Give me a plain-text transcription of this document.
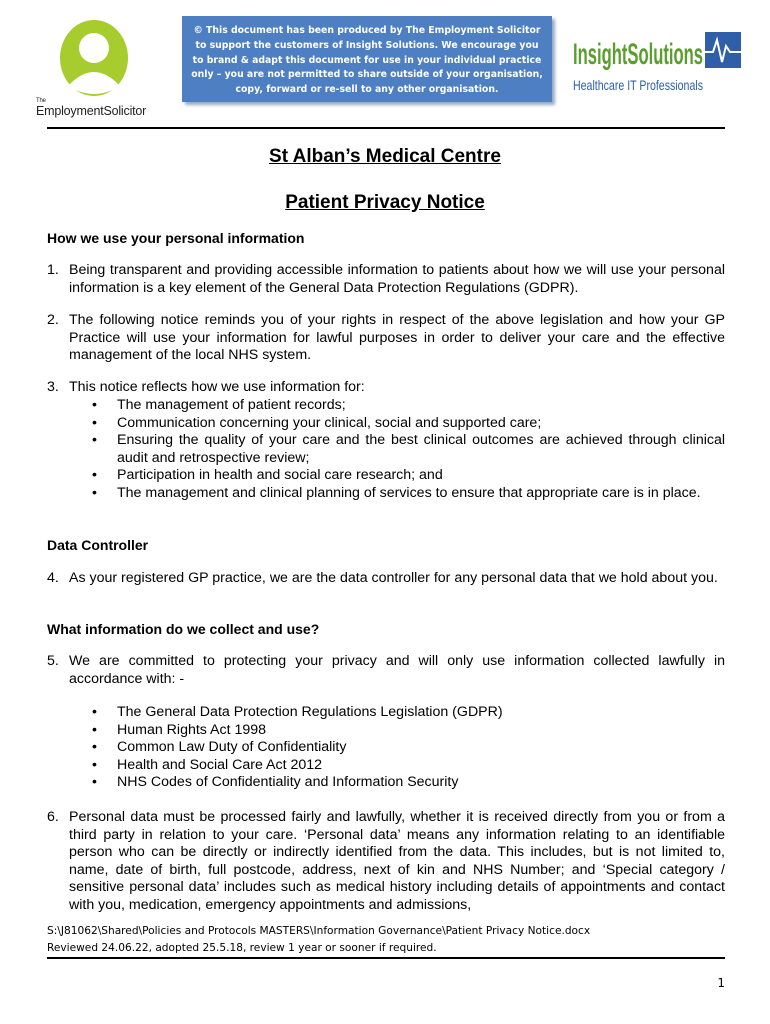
The
EmploymentSolicitor
© This document has been produced by The Employment Solicitor to support the customers of Insight Solutions. We encourage you to brand & adapt this document for use in your individual practice only – you are not permitted to share outside of your organisation, copy, forward or re-sell to any other organisation.
InsightSolutions
Healthcare IT Professionals
St Alban’s Medical Centre
Patient Privacy Notice
How we use your personal information
1. Being transparent and providing accessible information to patients about how we will use your personal information is a key element of the General Data Protection Regulations (GDPR).
2. The following notice reminds you of your rights in respect of the above legislation and how your GP Practice will use your information for lawful purposes in order to deliver your care and the effective management of the local NHS system.
3. This notice reflects how we use information for:
• The management of patient records;
• Communication concerning your clinical, social and supported care;
• Ensuring the quality of your care and the best clinical outcomes are achieved through clinical audit and retrospective review;
• Participation in health and social care research; and
• The management and clinical planning of services to ensure that appropriate care is in place.
Data Controller
4. As your registered GP practice, we are the data controller for any personal data that we hold about you.
What information do we collect and use?
5. We are committed to protecting your privacy and will only use information collected lawfully in accordance with: -
• The General Data Protection Regulations Legislation (GDPR)
• Human Rights Act 1998
• Common Law Duty of Confidentiality
• Health and Social Care Act 2012
• NHS Codes of Confidentiality and Information Security
6. Personal data must be processed fairly and lawfully, whether it is received directly from you or from a third party in relation to your care. ‘Personal data’ means any information relating to an identifiable person who can be directly or indirectly identified from the data. This includes, but is not limited to, name, date of birth, full postcode, address, next of kin and NHS Number; and ‘Special category / sensitive personal data’ includes such as medical history including details of appointments and contact with you, medication, emergency appointments and admissions,
S:\J81062\Shared\Policies and Protocols MASTERS\Information Governance\Patient Privacy Notice.docx
Reviewed 24.06.22, adopted 25.5.18, review 1 year or sooner if required.
1
